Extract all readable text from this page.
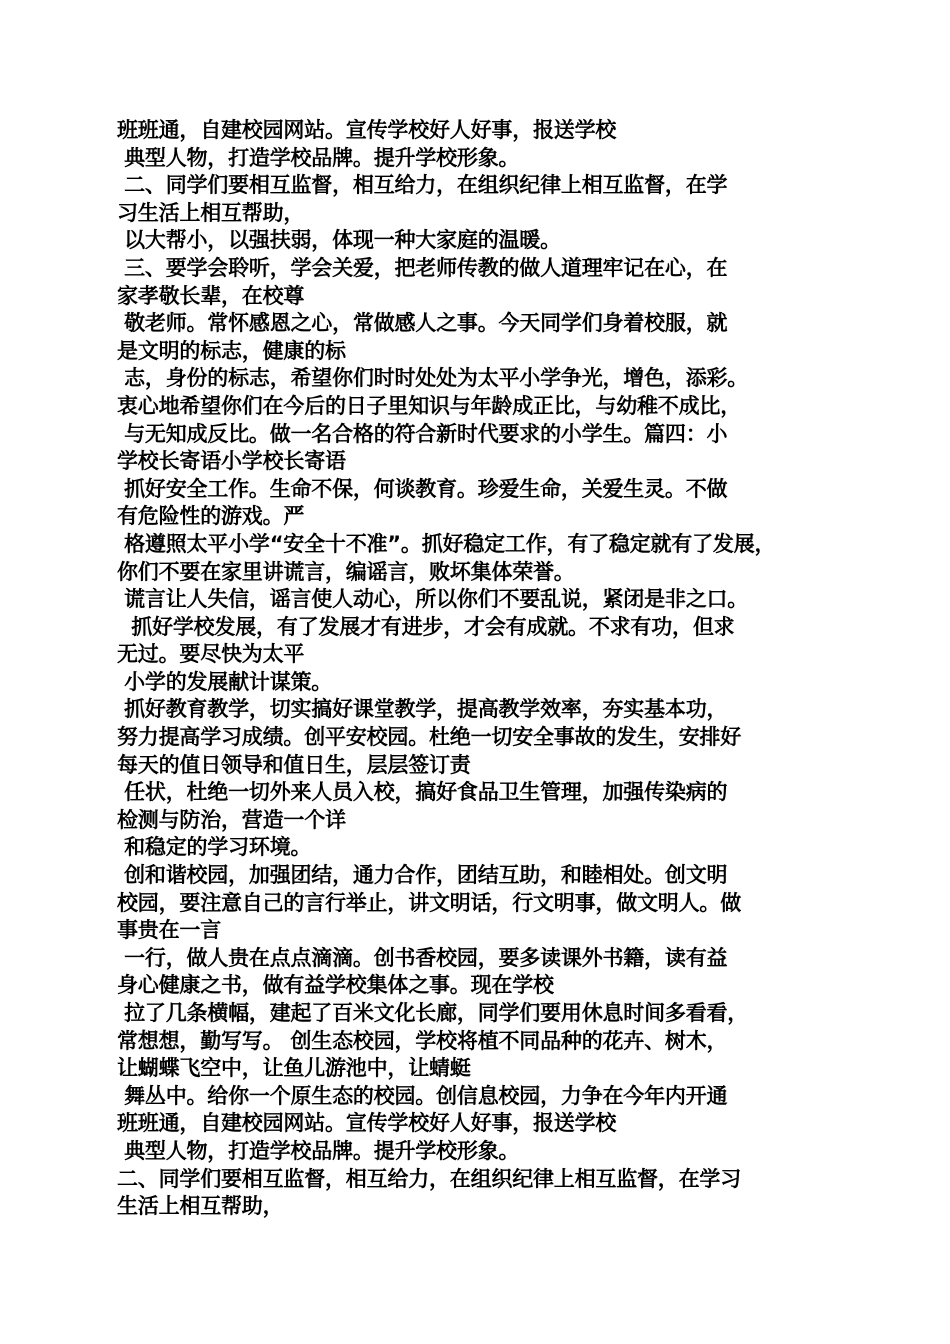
班班通，自建校园网站。宣传学校好人好事，报送学校
典型人物，打造学校品牌。提升学校形象。
二、同学们要相互监督，相互给力，在组织纪律上相互监督，在学
习生活上相互帮助，
以大帮小，以强扶弱，体现一种大家庭的温暖。
三、要学会聆听，学会关爱，把老师传教的做人道理牢记在心，在
家孝敬长辈，在校尊
敬老师。常怀感恩之心，常做感人之事。今天同学们身着校服，就
是文明的标志，健康的标
志，身份的标志，希望你们时时处处为太平小学争光，增色，添彩。
衷心地希望你们在今后的日子里知识与年龄成正比，与幼稚不成比，
与无知成反比。做一名合格的符合新时代要求的小学生。篇四：小
学校长寄语小学校长寄语
抓好安全工作。生命不保，何谈教育。珍爱生命，关爱生灵。不做
有危险性的游戏。严
格遵照太平小学“安全十不准”。抓好稳定工作，有了稳定就有了发展，
你们不要在家里讲谎言，编谣言，败坏集体荣誉。
谎言让人失信，谣言使人动心，所以你们不要乱说，紧闭是非之口。
抓好学校发展，有了发展才有进步，才会有成就。不求有功，但求
无过。要尽快为太平
小学的发展献计谋策。
抓好教育教学，切实搞好课堂教学，提高教学效率，夯实基本功，
努力提高学习成绩。创平安校园。杜绝一切安全事故的发生，安排好
每天的值日领导和值日生，层层签订责
任状，杜绝一切外来人员入校，搞好食品卫生管理，加强传染病的
检测与防治，营造一个详
和稳定的学习环境。
创和谐校园，加强团结，通力合作，团结互助，和睦相处。创文明
校园，要注意自己的言行举止，讲文明话，行文明事，做文明人。做
事贵在一言
一行，做人贵在点点滴滴。创书香校园，要多读课外书籍，读有益
身心健康之书，做有益学校集体之事。现在学校
拉了几条横幅，建起了百米文化长廊，同学们要用休息时间多看看，
常想想，勤写写。 创生态校园，学校将植不同品种的花卉、树木，
让蝴蝶飞空中，让鱼儿游池中，让蜻蜓
舞丛中。给你一个原生态的校园。创信息校园，力争在今年内开通
班班通，自建校园网站。宣传学校好人好事，报送学校
典型人物，打造学校品牌。提升学校形象。
二、同学们要相互监督，相互给力，在组织纪律上相互监督，在学习
生活上相互帮助，
